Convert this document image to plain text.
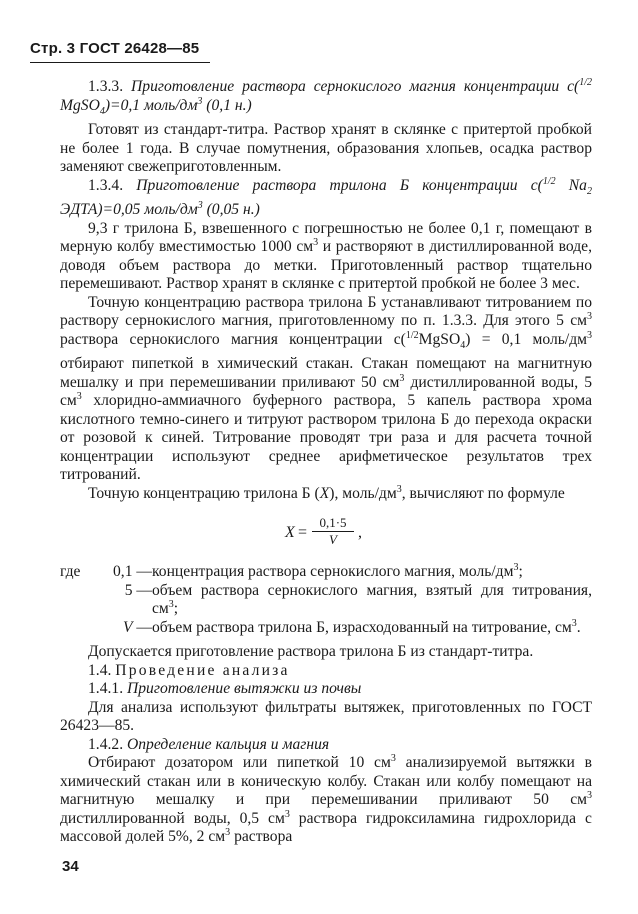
Стр. 3 ГОСТ 26428—85

1.3.3. Приготовление раствора сернокислого магния концентрации с($^{1/2}$ MgSO$_4$)=0,1 моль/$дм^3$ (0,1 н.)

Готовят из стандарт-титра. Раствор хранят в склянке с притертой пробкой не более 1 года. В случае помутнения, образования хлопьев, осадка раствор заменяют свежеприготовленным.

1.3.4. Приготовление раствора трилона Б концентрации с($^{1/2}$ $Na_2$ ЭДТА)=0,05 моль/$дм^3$ (0,05 н.)

9,3 г трилона Б, взвешенного с погрешностью не более 0,1 г, помещают в мерную колбу вместимостью 1000 $см^3$ и растворяют в дистиллированной воде, доводя объем раствора до метки. Приготовленный раствор тщательно перемешивают. Раствор хранят в склянке с притертой пробкой не более 3 мес.

Точную концентрацию раствора трилона Б устанавливают титрованием по раствору сернокислого магния, приготовленному по п. 1.3.3. Для этого 5 $см^3$ раствора сернокислого магния концентрации с($^{1/2}$MgSO$_4$) = 0,1 моль/$дм^3$ отбирают пипеткой в химический стакан. Стакан помещают на магнитную мешалку и при перемешивании приливают 50 $см^3$ дистиллированной воды, 5 $см^3$ хлоридно-аммиачного буферного раствора, 5 капель раствора хрома кислотного темно-синего и титруют раствором трилона Б до перехода окраски от розовой к синей. Титрование проводят три раза и для расчета точной концентрации используют среднее арифметическое результатов трех титрований.

Точную концентрацию трилона Б (X), моль/$дм^3$, вычисляют по формуле

$X = \frac{0,1\cdot 5}{V}$ ,
где 0,1 — концентрация раствора сернокислого магния, моль/$дм^3$;
5 — объем раствора сернокислого магния, взятый для титрования, $см^3$;
V — объем раствора трилона Б, израсходованный на титрование, $см^3$.

Допускается приготовление раствора трилона Б из стандарт-титра.

1.4. Проведение анализа

1.4.1. Приготовление вытяжки из почвы

Для анализа используют фильтраты вытяжек, приготовленных по ГОСТ 26423—85.

1.4.2. Определение кальция и магния

Отбирают дозатором или пипеткой 10 $см^3$ анализируемой вытяжки в химический стакан или в коническую колбу. Стакан или колбу помещают на магнитную мешалку и при перемешивании приливают 50 $см^3$ дистиллированной воды, 0,5 $см^3$ раствора гидроксиламина гидрохлорида с массовой долей 5%, 2 $см^3$ раствора

34
